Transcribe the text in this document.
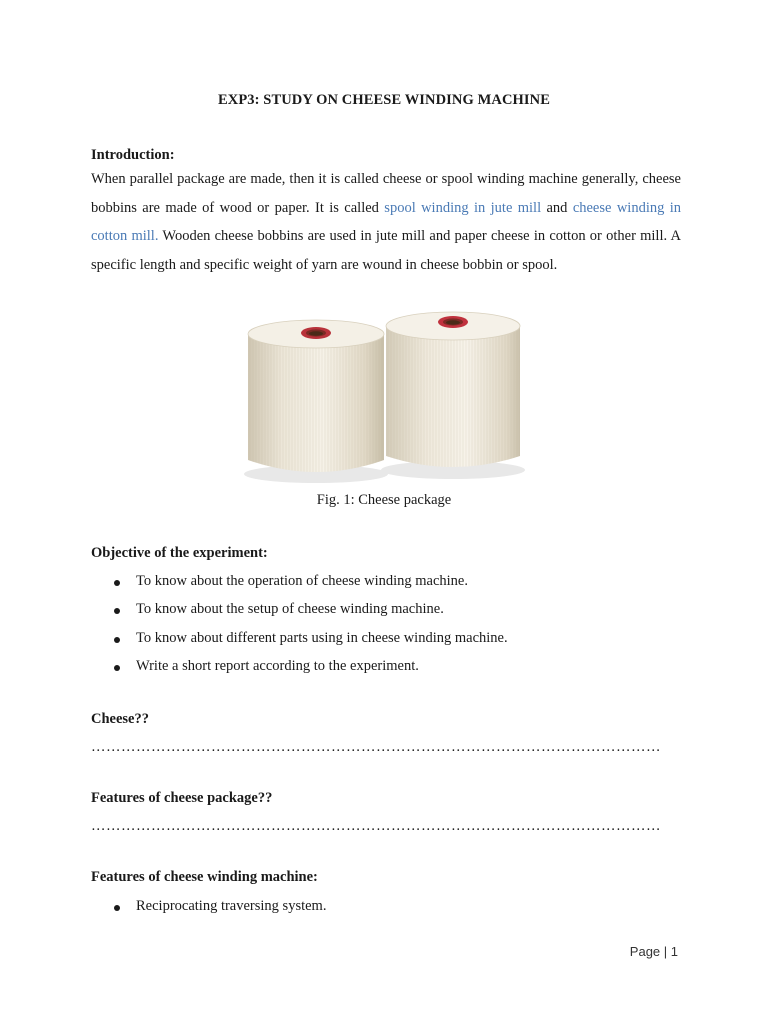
EXP3: STUDY ON CHEESE WINDING MACHINE
Introduction:
When parallel package are made, then it is called cheese or spool winding machine generally, cheese bobbins are made of wood or paper. It is called spool winding in jute mill and cheese winding in cotton mill. Wooden cheese bobbins are used in jute mill and paper cheese in cotton or other mill. A specific length and specific weight of yarn are wound in cheese bobbin or spool.
Fig. 1: Cheese package
Objective of the experiment:
To know about the operation of cheese winding machine.
To know about the setup of cheese winding machine.
To know about different parts using in cheese winding machine.
Write a short report according to the experiment.
Cheese??
……………………………………………………………………………………………………
Features of cheese package??
……………………………………………………………………………………………………
Features of cheese winding machine:
Reciprocating traversing system.
Page | 1
